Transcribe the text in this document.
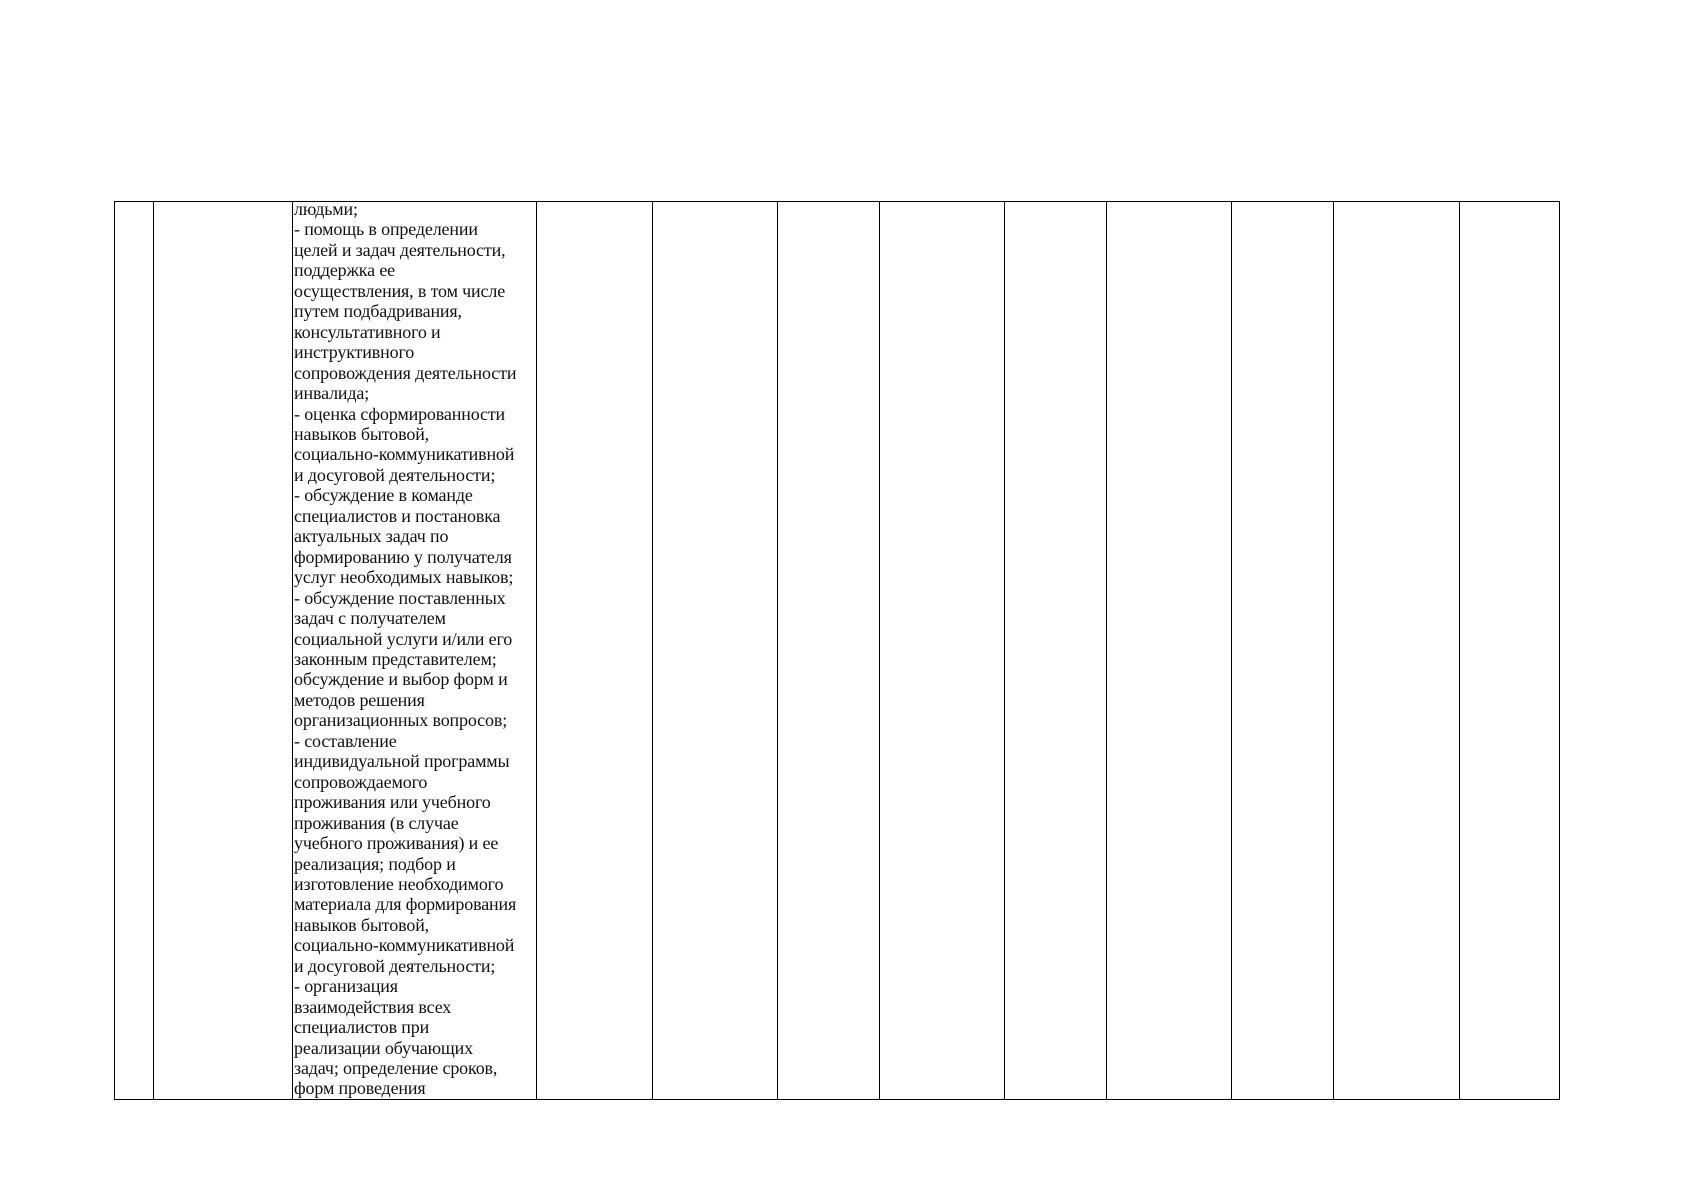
людьми;
- помощь в определении
целей и задач деятельности,
поддержка ее
осуществления, в том числе
путем подбадривания,
консультативного и
инструктивного
сопровождения деятельности
инвалида;
- оценка сформированности
навыков бытовой,
социально-коммуникативной
и досуговой деятельности;
- обсуждение в команде
специалистов и постановка
актуальных задач по
формированию у получателя
услуг необходимых навыков;
- обсуждение поставленных
задач с получателем
социальной услуги и/или его
законным представителем;
обсуждение и выбор форм и
методов решения
организационных вопросов;
- составление
индивидуальной программы
сопровождаемого
проживания или учебного
проживания (в случае
учебного проживания) и ее
реализация; подбор и
изготовление необходимого
материала для формирования
навыков бытовой,
социально-коммуникативной
и досуговой деятельности;
- организация
взаимодействия всех
специалистов при
реализации обучающих
задач; определение сроков,
форм проведения
